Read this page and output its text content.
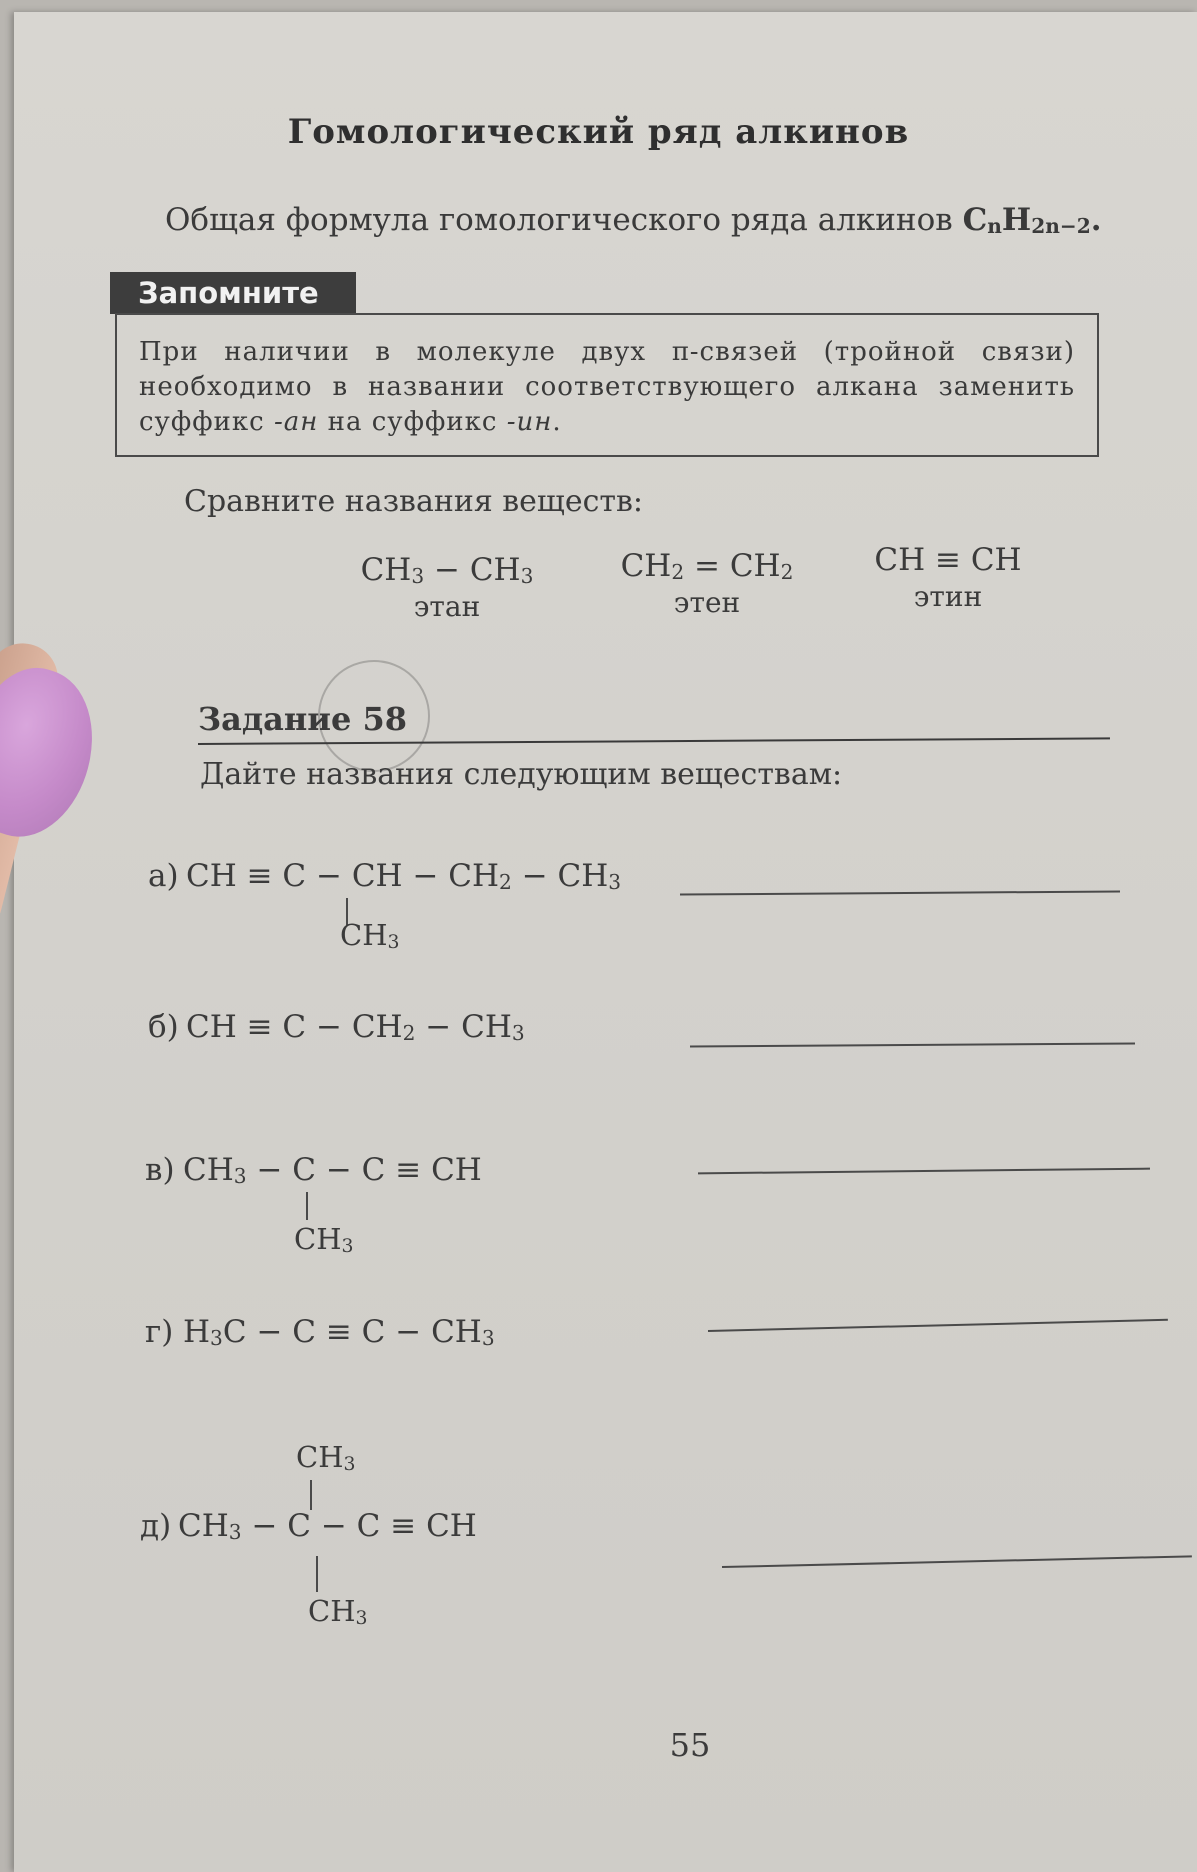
Гомологический ряд алкинов
Общая формула гомологического ряда алкинов $C_nH_{2n-2}$.
Запомните
При наличии в молекуле двух π-связей (тройной связи) необходимо в названии соответствующего алкана заменить суффикс -ан на суффикс -ин.
Сравните названия веществ:
$CH_3 - CH_3$
этан
$CH_2 = CH_2$
этен
CH ≡ CH
этин
Задание 58
Дайте названия следующим веществам:
а) CH ≡ C − CH − $CH_2 - CH_3$
$CH_3$
б) CH ≡ $C - CH_2 - CH_3$
в) $CH_3 - C - C$ ≡ CH
$CH_3$
г) $H_3C - C \equiv C - CH_3$
$CH_3$
д) $CH_3 - C - C$ ≡ CH
$CH_3$
55
